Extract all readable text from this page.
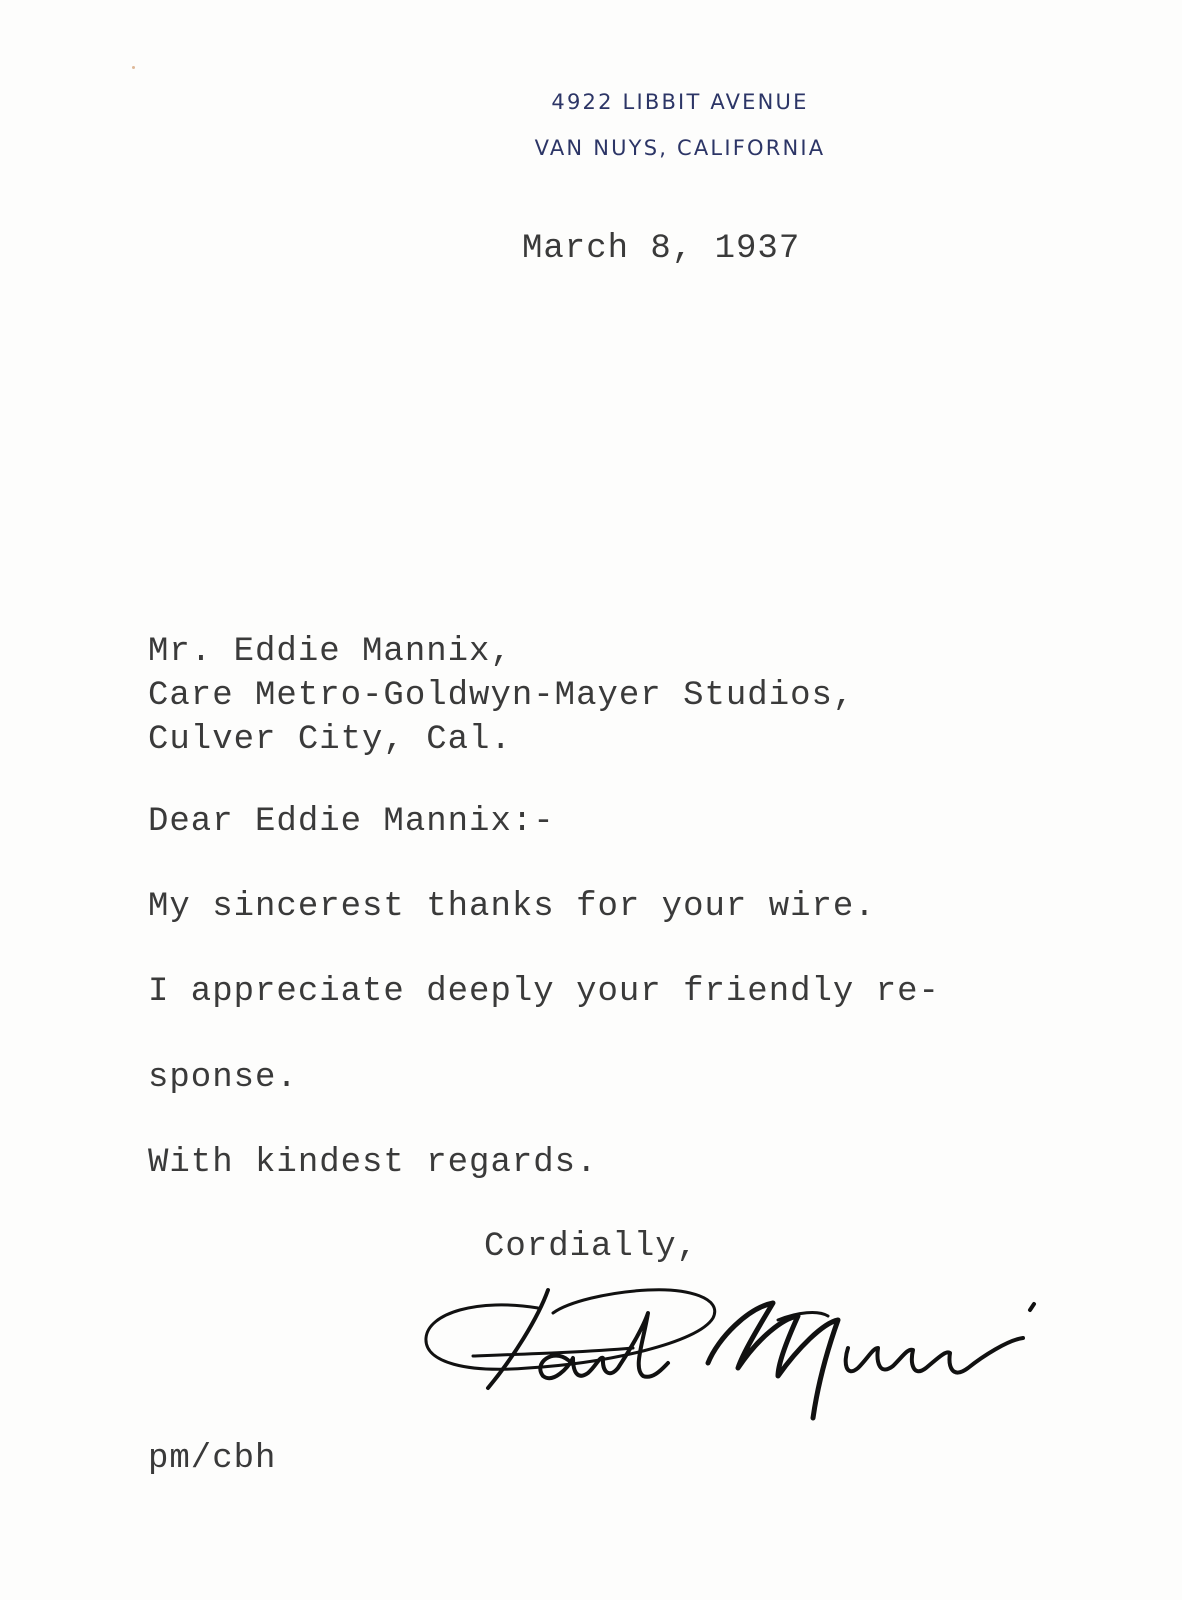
4922 LIBBIT AVENUE
VAN NUYS, CALIFORNIA
March 8, 1937
Mr. Eddie Mannix,
Care Metro-Goldwyn-Mayer Studios,
Culver City, Cal.
Dear Eddie Mannix:-
My sincerest thanks for your wire.
I appreciate deeply your friendly re-
sponse.
With kindest regards.
Cordially,
pm/cbh
